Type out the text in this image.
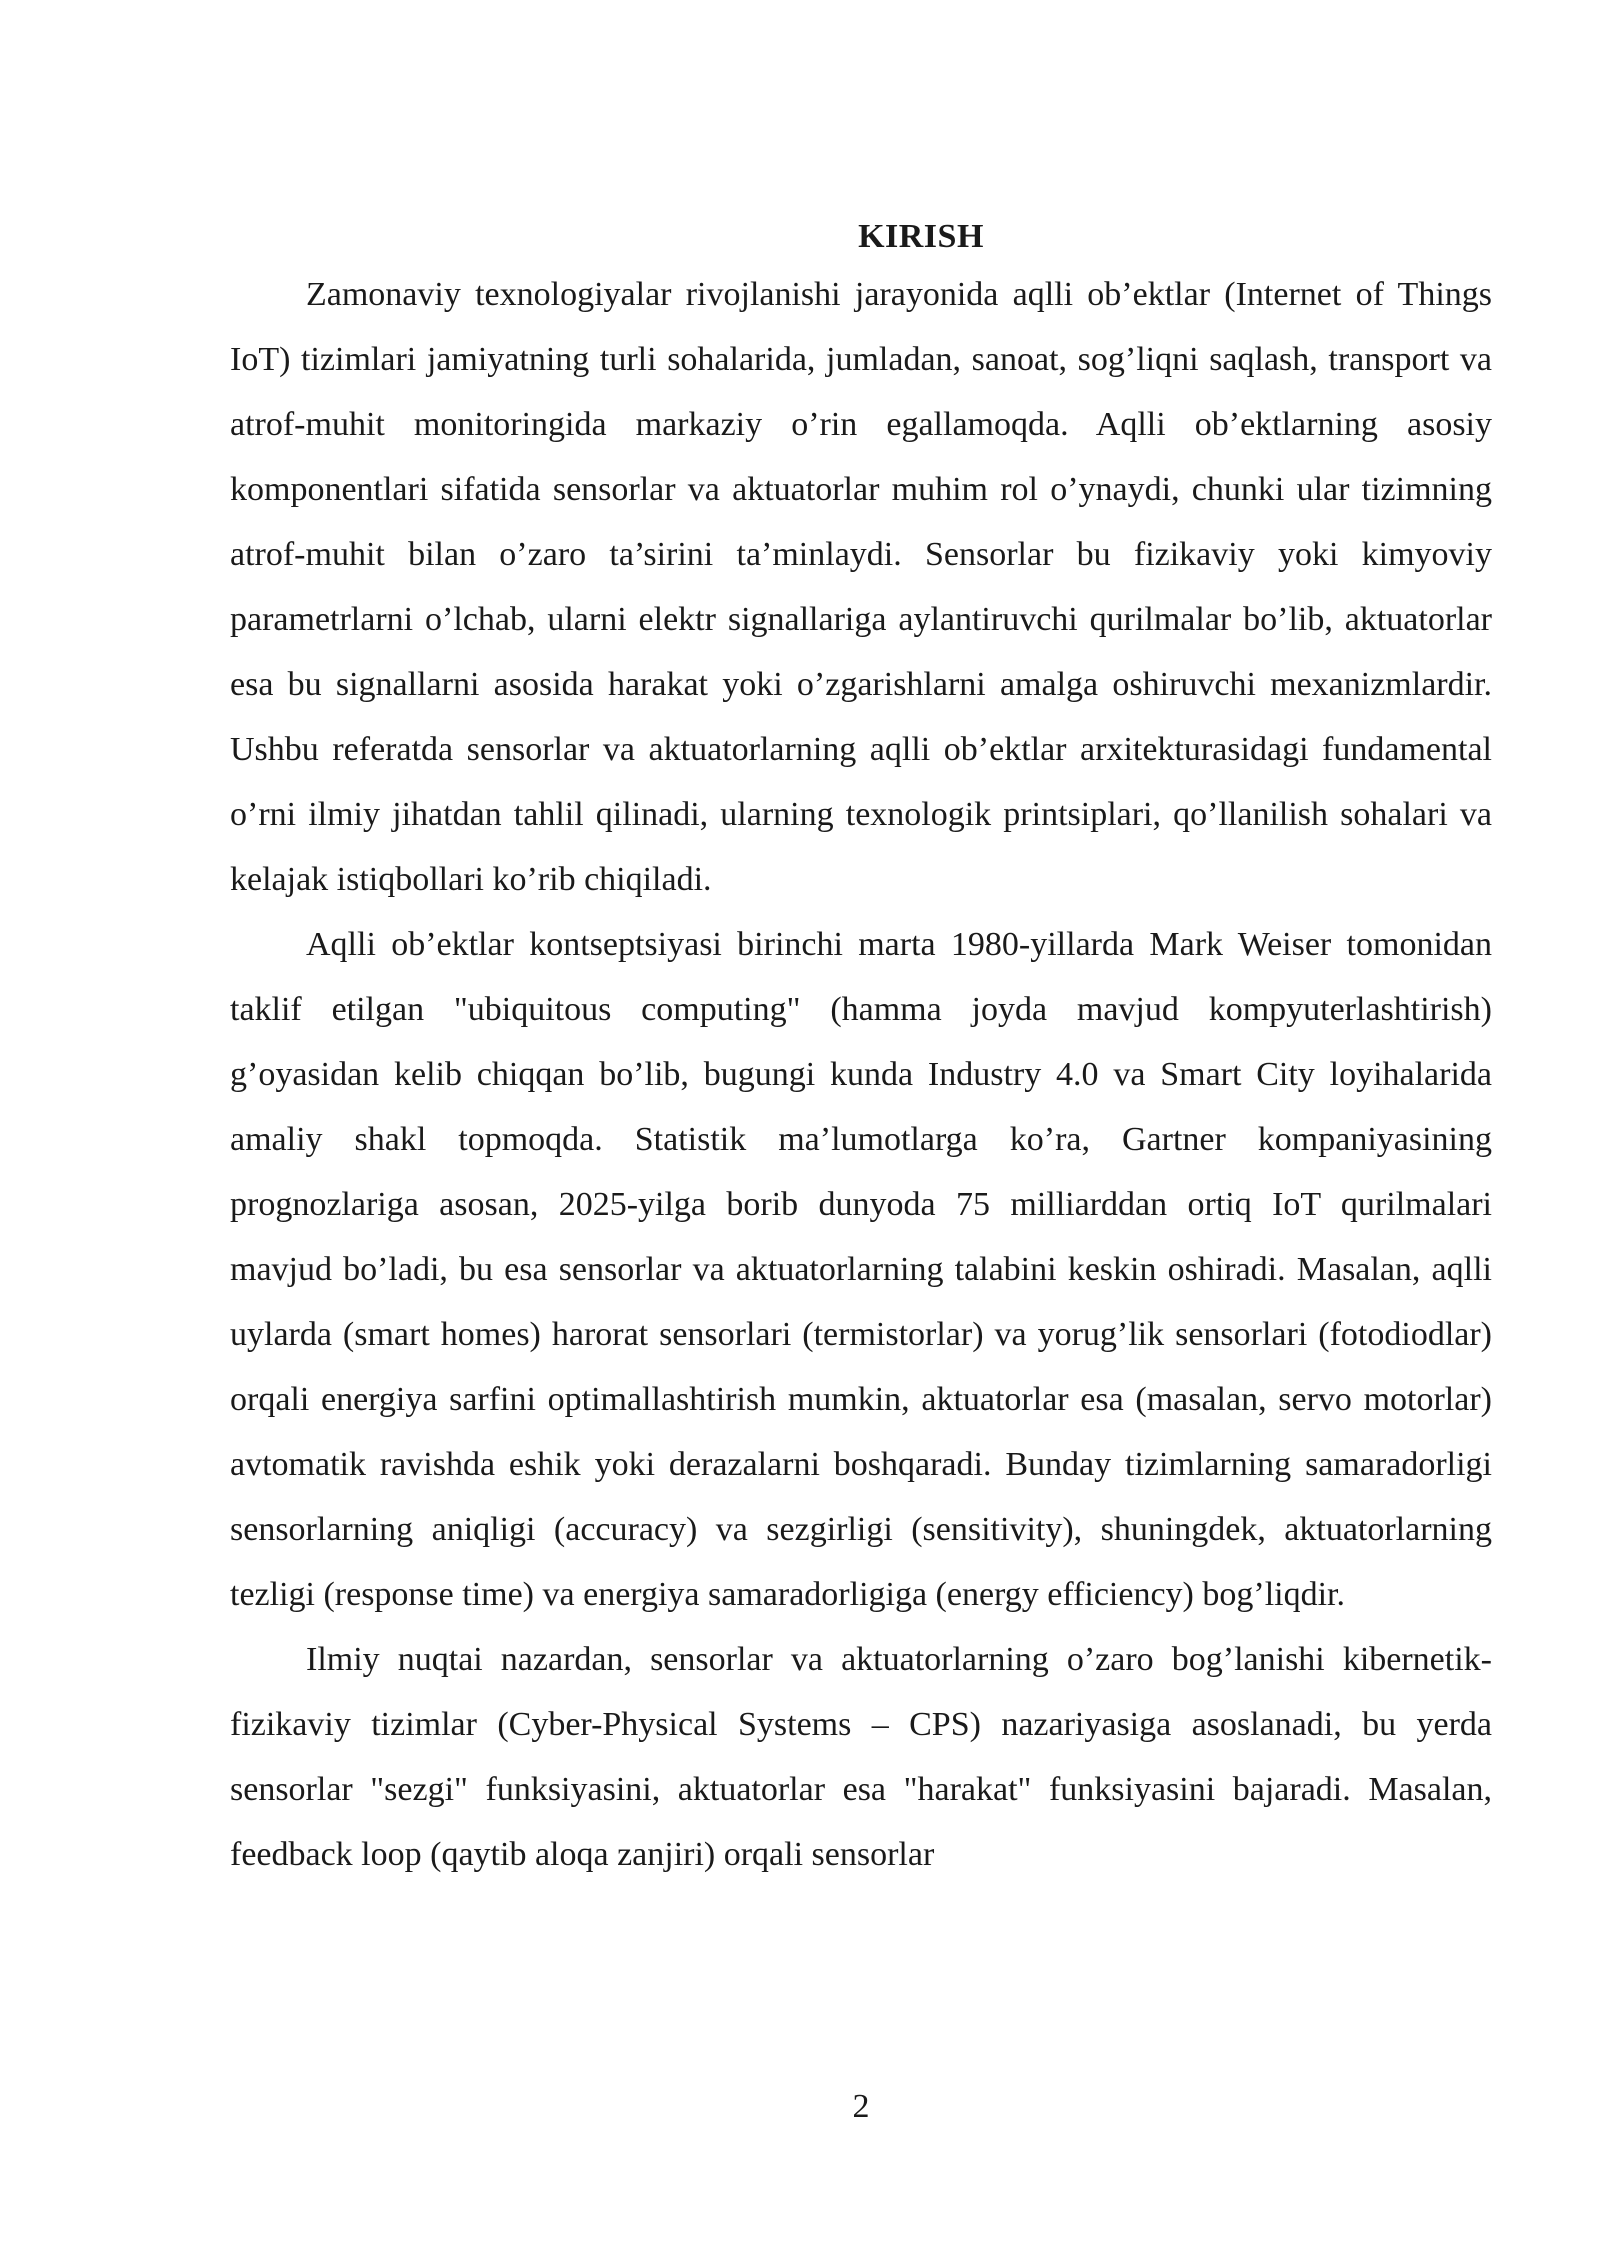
KIRISH

Zamonaviy texnologiyalar rivojlanishi jarayonida aqlli ob’ektlar (Internet of Things IoT) tizimlari jamiyatning turli sohalarida, jumladan, sanoat, sog’liqni saqlash, transport va atrof-muhit monitoringida markaziy o’rin egallamoqda. Aqlli ob’ektlarning asosiy komponentlari sifatida sensorlar va aktuatorlar muhim rol o’ynaydi, chunki ular tizimning atrof-muhit bilan o’zaro ta’sirini ta’minlaydi. Sensorlar bu fizikaviy yoki kimyoviy parametrlarni o’lchab, ularni elektr signallariga aylantiruvchi qurilmalar bo’lib, aktuatorlar esa bu signallarni asosida harakat yoki o’zgarishlarni amalga oshiruvchi mexanizmlardir. Ushbu referatda sensorlar va aktuatorlarning aqlli ob’ektlar arxitekturasidagi fundamental o’rni ilmiy jihatdan tahlil qilinadi, ularning texnologik printsiplari, qo’llanilish sohalari va kelajak istiqbollari ko’rib chiqiladi.

Aqlli ob’ektlar kontseptsiyasi birinchi marta 1980-yillarda Mark Weiser tomonidan taklif etilgan "ubiquitous computing" (hamma joyda mavjud kompyuterlashtirish) g’oyasidan kelib chiqqan bo’lib, bugungi kunda Industry 4.0 va Smart City loyihalarida amaliy shakl topmoqda. Statistik ma’lumotlarga ko’ra, Gartner kompaniyasining prognozlariga asosan, 2025-yilga borib dunyoda 75 milliarddan ortiq IoT qurilmalari mavjud bo’ladi, bu esa sensorlar va aktuatorlarning talabini keskin oshiradi. Masalan, aqlli uylarda (smart homes) harorat sensorlari (termistorlar) va yorug’lik sensorlari (fotodiodlar) orqali energiya sarfini optimallashtirish mumkin, aktuatorlar esa (masalan, servo motorlar) avtomatik ravishda eshik yoki derazalarni boshqaradi. Bunday tizimlarning samaradorligi sensorlarning aniqligi (accuracy) va sezgirligi (sensitivity), shuningdek, aktuatorlarning tezligi (response time) va energiya samaradorligiga (energy efficiency) bog’liqdir.

Ilmiy nuqtai nazardan, sensorlar va aktuatorlarning o’zaro bog’lanishi kibernetik-fizikaviy tizimlar (Cyber-Physical Systems – CPS) nazariyasiga asoslanadi, bu yerda sensorlar "sezgi" funksiyasini, aktuatorlar esa "harakat" funksiyasini bajaradi. Masalan, feedback loop (qaytib aloqa zanjiri) orqali sensorlar

2
